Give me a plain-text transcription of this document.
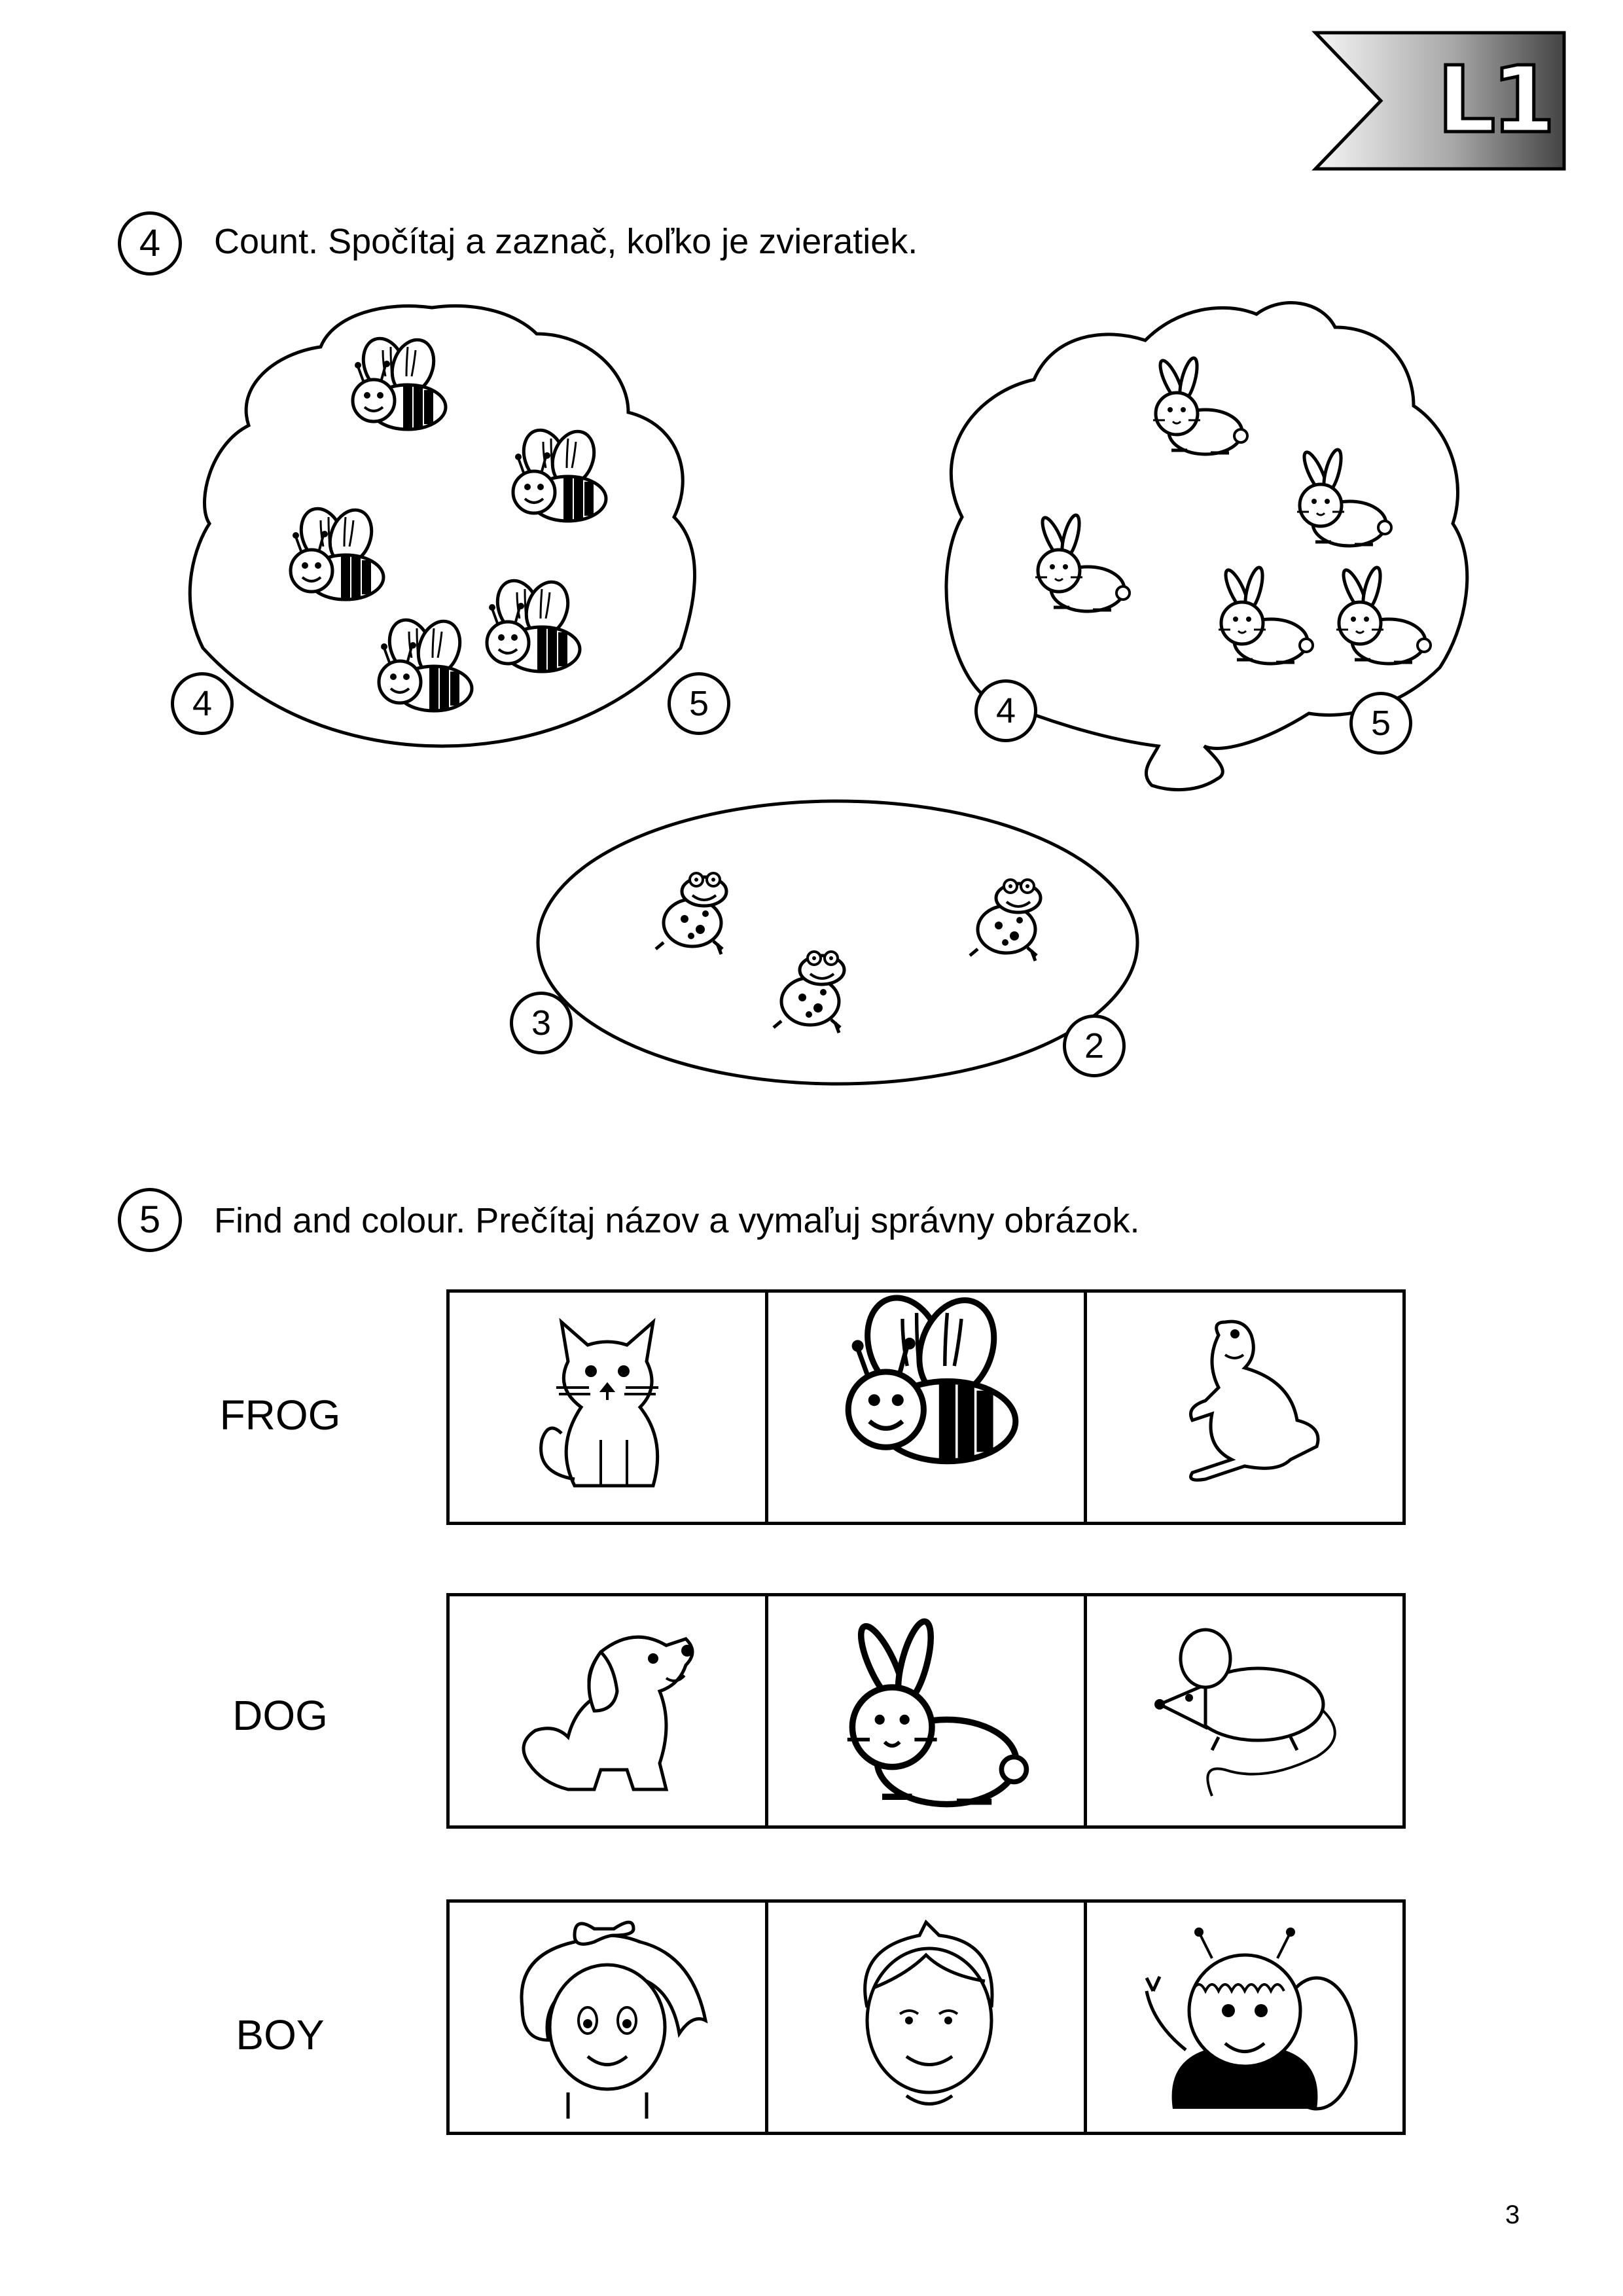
L1
4	Count. Spočítaj a zaznač, koľko je zvieratiek.
4	5	4	5
3
2
5	Find and colour. Prečítaj názov a vymaľuj správny obrázok.
FROG
DOG
BOY
3
